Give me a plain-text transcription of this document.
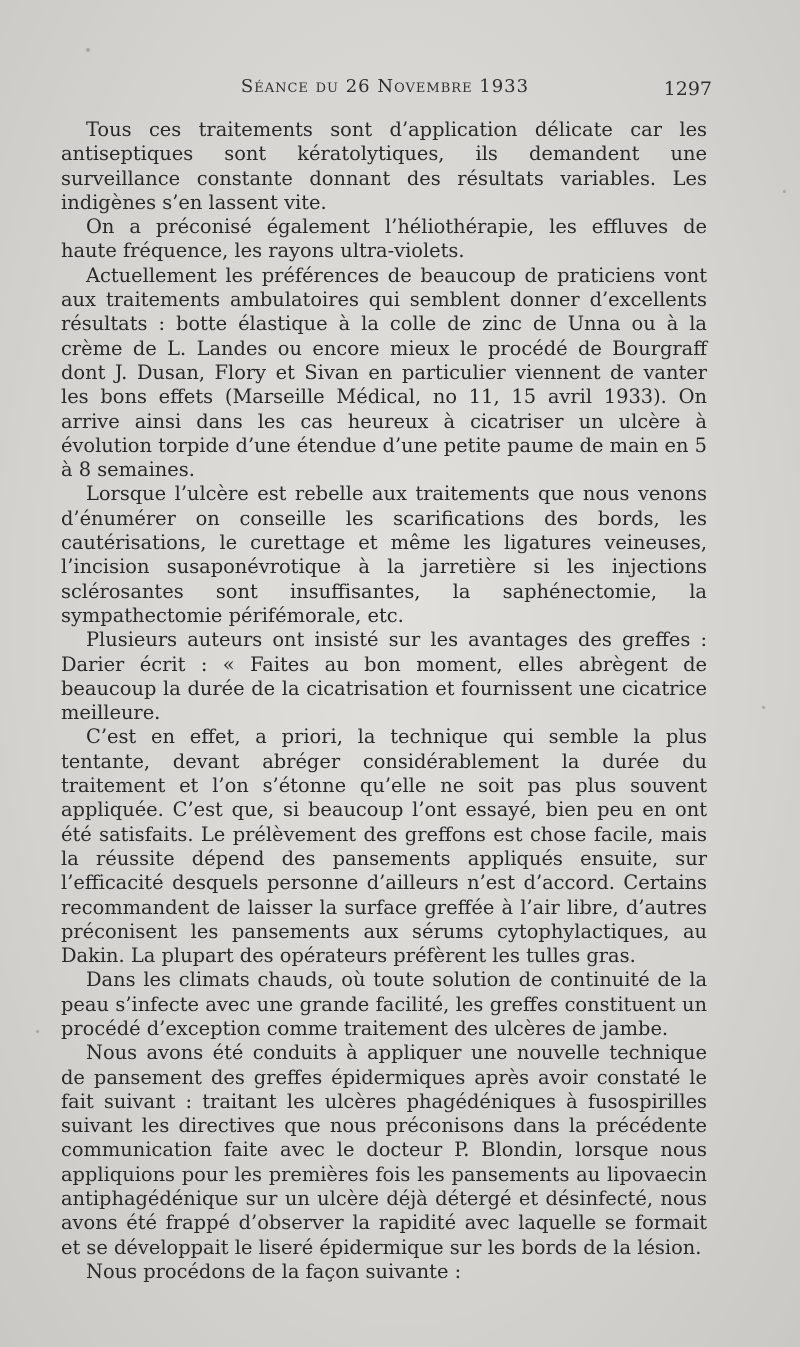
Séance du 26 Novembre 1933	1297

Tous ces traitements sont d’application délicate car les antiseptiques sont kératolytiques, ils demandent une surveillance constante donnant des résultats variables. Les indigènes s’en lassent vite.

On a préconisé également l’héliothérapie, les effluves de haute fréquence, les rayons ultra-violets.

Actuellement les préférences de beaucoup de praticiens vont aux traitements ambulatoires qui semblent donner d’excellents résultats : botte élastique à la colle de zinc de Unna ou à la crème de L. Landes ou encore mieux le procédé de Bourgraff dont J. Dusan, Flory et Sivan en particulier viennent de vanter les bons effets (Marseille Médical, no 11, 15 avril 1933). On arrive ainsi dans les cas heureux à cicatriser un ulcère à évolution torpide d’une étendue d’une petite paume de main en 5 à 8 semaines.

Lorsque l’ulcère est rebelle aux traitements que nous venons d’énumérer on conseille les scarifications des bords, les cautérisations, le curettage et même les ligatures veineuses, l’incision susaponévrotique à la jarretière si les injections sclérosantes sont insuffisantes, la saphénectomie, la sympathectomie périfémorale, etc.

Plusieurs auteurs ont insisté sur les avantages des greffes : Darier écrit : « Faites au bon moment, elles abrègent de beaucoup la durée de la cicatrisation et fournissent une cicatrice meilleure.

C’est en effet, a priori, la technique qui semble la plus tentante, devant abréger considérablement la durée du traitement et l’on s’étonne qu’elle ne soit pas plus souvent appliquée. C’est que, si beaucoup l’ont essayé, bien peu en ont été satisfaits. Le prélèvement des greffons est chose facile, mais la réussite dépend des pansements appliqués ensuite, sur l’efficacité desquels personne d’ailleurs n’est d’accord. Certains recommandent de laisser la surface greffée à l’air libre, d’autres préconisent les pansements aux sérums cytophylactiques, au Dakin. La plupart des opérateurs préfèrent les tulles gras.

Dans les climats chauds, où toute solution de continuité de la peau s’infecte avec une grande facilité, les greffes constituent un procédé d’exception comme traitement des ulcères de jambe.

Nous avons été conduits à appliquer une nouvelle technique de pansement des greffes épidermiques après avoir constaté le fait suivant : traitant les ulcères phagédéniques à fusospirilles suivant les directives que nous préconisons dans la précédente communication faite avec le docteur P. Blondin, lorsque nous appliquions pour les premières fois les pansements au lipovaecin antiphagédénique sur un ulcère déjà détergé et désinfecté, nous avons été frappé d’observer la rapidité avec laquelle se formait et se développait le liseré épidermique sur les bords de la lésion.

Nous procédons de la façon suivante :
